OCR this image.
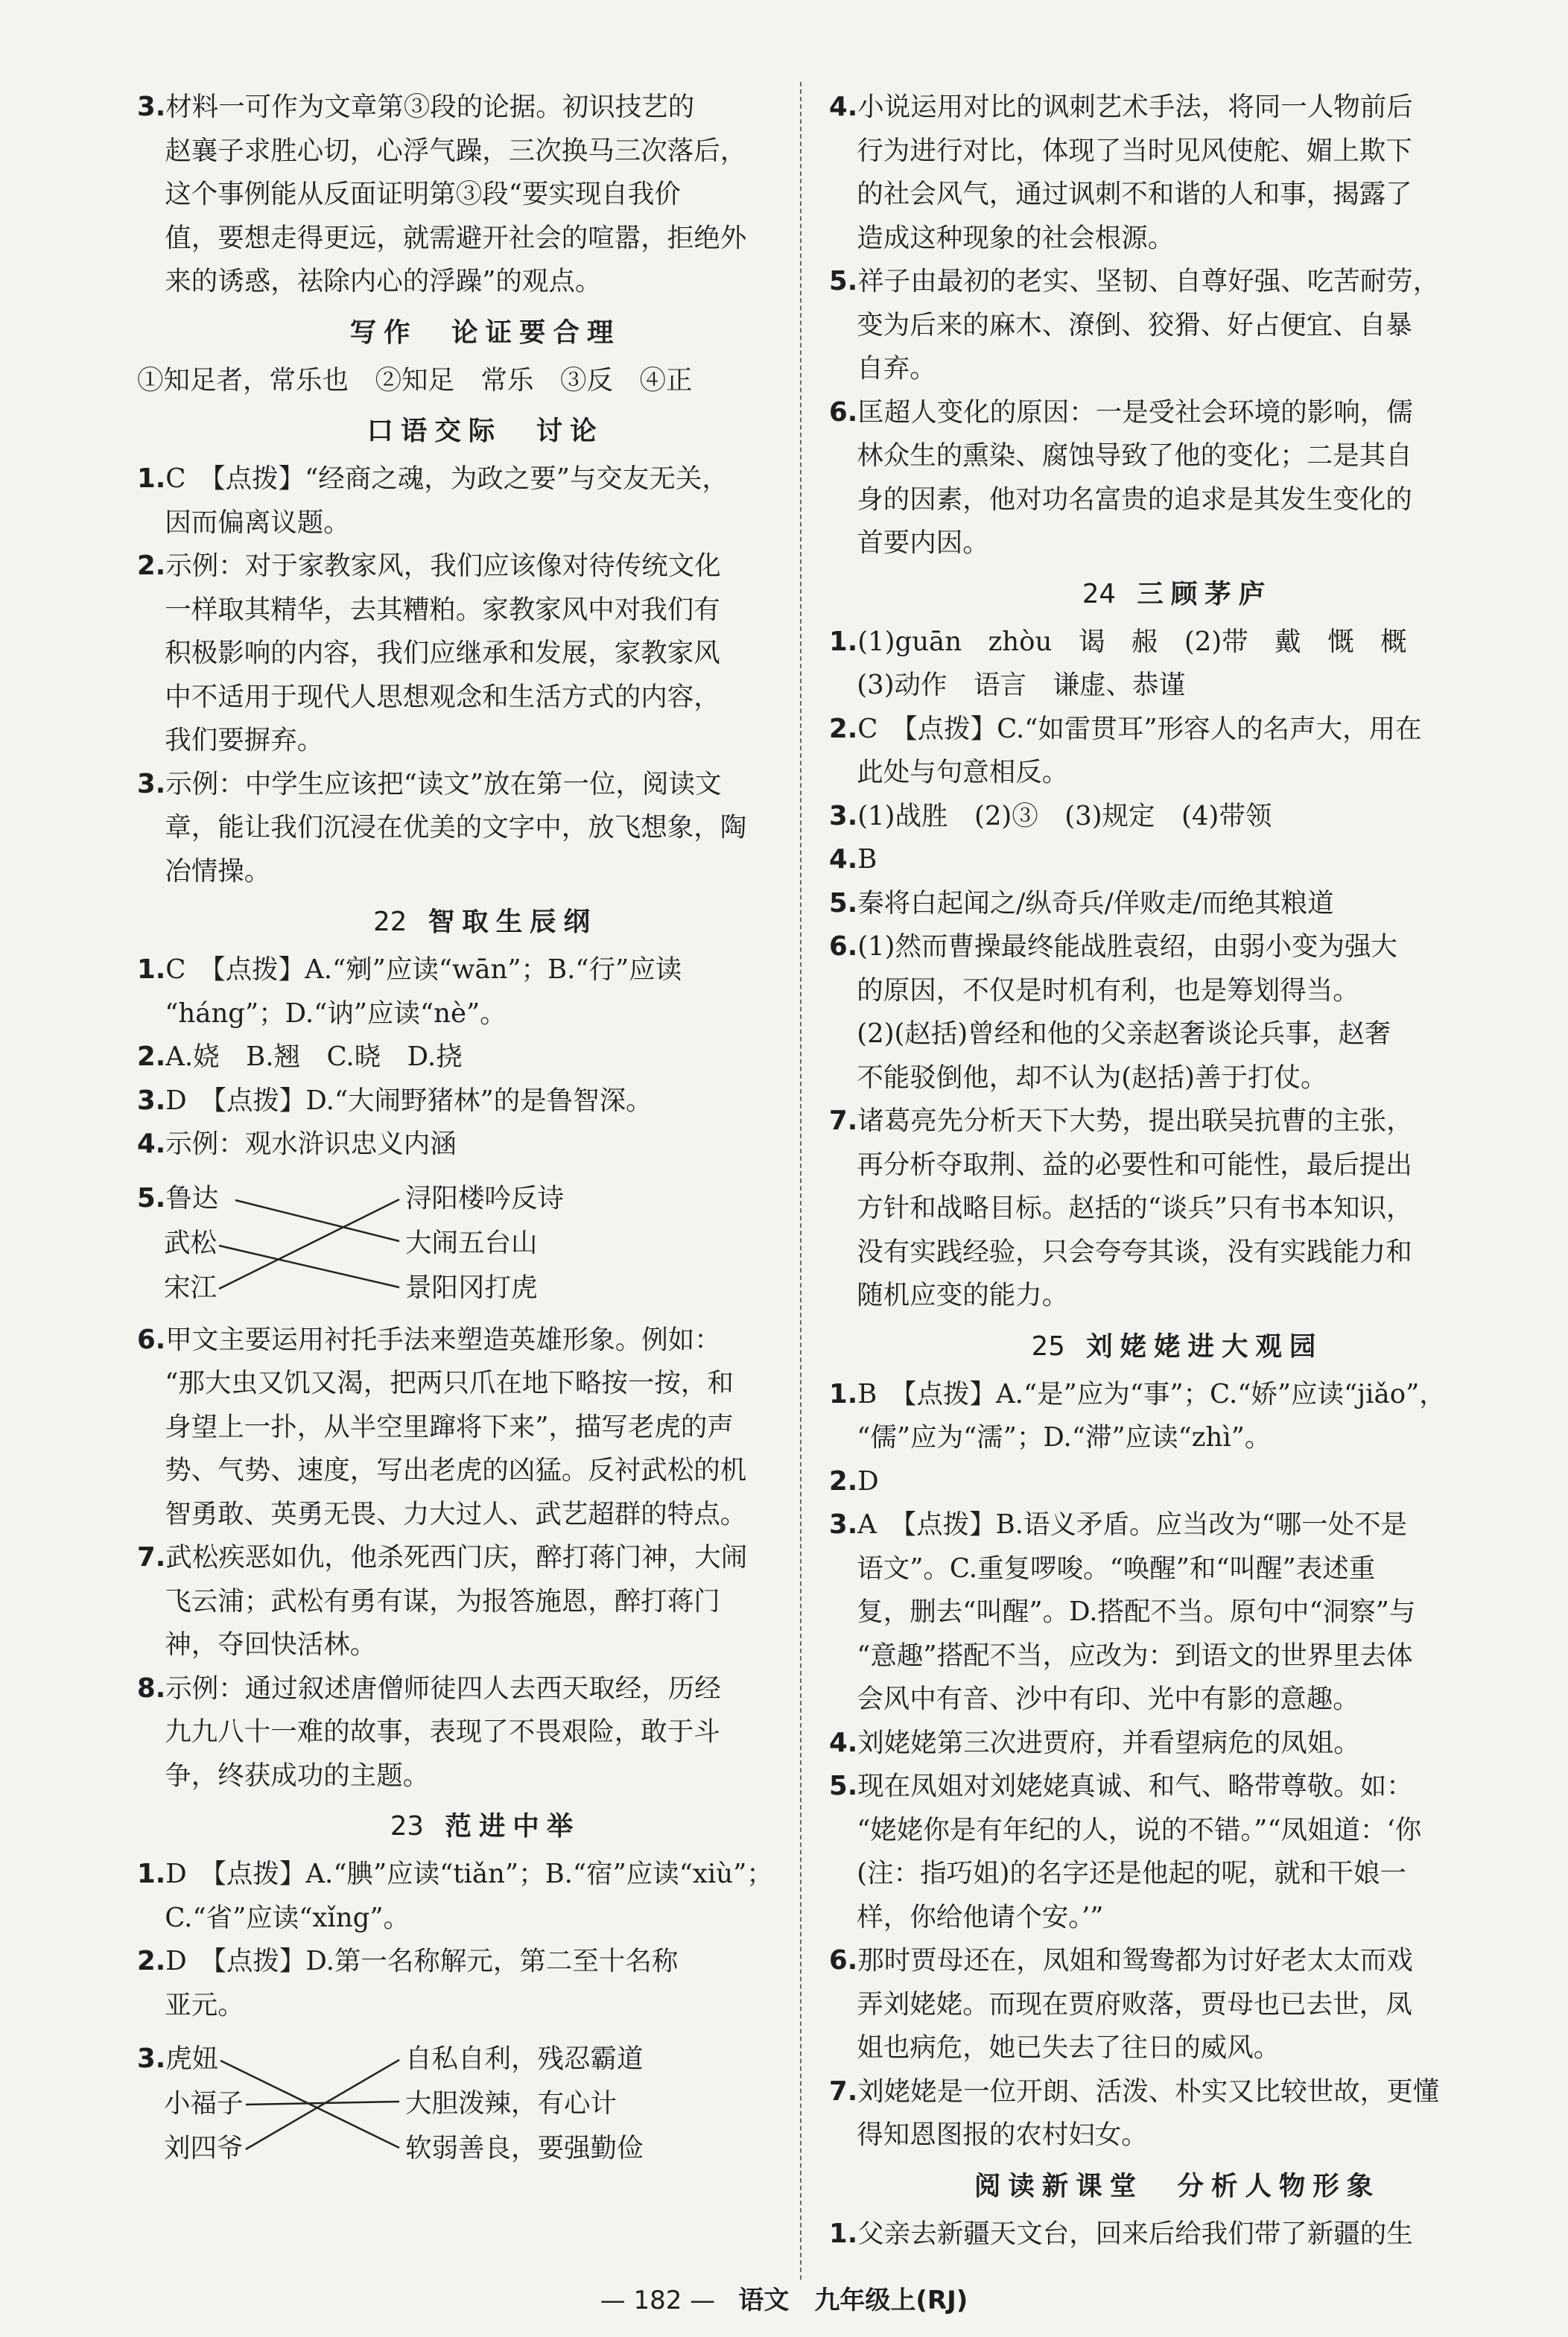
3.材料一可作为文章第③段的论据。初识技艺的

赵襄子求胜心切，心浮气躁，三次换马三次落后，

这个事例能从反面证明第③段“要实现自我价

值，要想走得更远，就需避开社会的喧嚣，拒绝外

来的诱惑，祛除内心的浮躁”的观点。

写作　论证要合理

①知足者，常乐也　②知足　常乐　③反　④正

口语交际　讨论

1.C　【点拨】“经商之魂，为政之要”与交友无关，

因而偏离议题。

2.示例：对于家教家风，我们应该像对待传统文化

一样取其精华，去其糟粕。家教家风中对我们有

积极影响的内容，我们应继承和发展，家教家风

中不适用于现代人思想观念和生活方式的内容，

我们要摒弃。

3.示例：中学生应该把“读文”放在第一位，阅读文

章，能让我们沉浸在优美的文字中，放飞想象，陶

冶情操。

22 智取生辰纲

1.C　【点拨】A.“剜”应读“wān”；B.“行”应读

“háng”；D.“讷”应读“nè”。

2.A.娆　B.翘　C.晓　D.挠

3.D　【点拨】D.“大闹野猪林”的是鲁智深。

4.示例：观水浒识忠义内涵

5.鲁达
武松
宋江
浔阳楼吟反诗
大闹五台山
景阳冈打虎

6.甲文主要运用衬托手法来塑造英雄形象。例如：

“那大虫又饥又渴，把两只爪在地下略按一按，和

身望上一扑，从半空里蹿将下来”，描写老虎的声

势、气势、速度，写出老虎的凶猛。反衬武松的机

智勇敢、英勇无畏、力大过人、武艺超群的特点。

7.武松疾恶如仇，他杀死西门庆，醉打蒋门神，大闹

飞云浦；武松有勇有谋，为报答施恩，醉打蒋门

神，夺回快活林。

8.示例：通过叙述唐僧师徒四人去西天取经，历经

九九八十一难的故事，表现了不畏艰险，敢于斗

争，终获成功的主题。

23 范进中举

1.D　【点拨】A.“腆”应读“tiǎn”；B.“宿”应读“xiù”；

C.“省”应读“xǐng”。

2.D　【点拨】D.第一名称解元，第二至十名称

亚元。

3.虎妞
小福子
刘四爷
自私自利，残忍霸道
大胆泼辣，有心计
软弱善良，要强勤俭

4.小说运用对比的讽刺艺术手法，将同一人物前后

行为进行对比，体现了当时见风使舵、媚上欺下

的社会风气，通过讽刺不和谐的人和事，揭露了

造成这种现象的社会根源。

5.祥子由最初的老实、坚韧、自尊好强、吃苦耐劳，

变为后来的麻木、潦倒、狡猾、好占便宜、自暴

自弃。

6.匡超人变化的原因：一是受社会环境的影响，儒

林众生的熏染、腐蚀导致了他的变化；二是其自

身的因素，他对功名富贵的追求是其发生变化的

首要内因。

24 三顾茅庐

1.(1)guān　zhòu　谒　赧　(2)带　戴　慨　概

(3)动作　语言　谦虚、恭谨

2.C　【点拨】C.“如雷贯耳”形容人的名声大，用在

此处与句意相反。

3.(1)战胜　(2)③　(3)规定　(4)带领

4.B

5.秦将白起闻之/纵奇兵/佯败走/而绝其粮道

6.(1)然而曹操最终能战胜袁绍，由弱小变为强大

的原因，不仅是时机有利，也是筹划得当。

(2)(赵括)曾经和他的父亲赵奢谈论兵事，赵奢

不能驳倒他，却不认为(赵括)善于打仗。

7.诸葛亮先分析天下大势，提出联吴抗曹的主张，

再分析夺取荆、益的必要性和可能性，最后提出

方针和战略目标。赵括的“谈兵”只有书本知识，

没有实践经验，只会夸夸其谈，没有实践能力和

随机应变的能力。

25 刘姥姥进大观园

1.B　【点拨】A.“是”应为“事”；C.“娇”应读“jiǎo”，

“儒”应为“濡”；D.“滞”应读“zhì”。

2.D

3.A　【点拨】B.语义矛盾。应当改为“哪一处不是

语文”。C.重复啰唆。“唤醒”和“叫醒”表述重

复，删去“叫醒”。D.搭配不当。原句中“洞察”与

“意趣”搭配不当，应改为：到语文的世界里去体

会风中有音、沙中有印、光中有影的意趣。

4.刘姥姥第三次进贾府，并看望病危的凤姐。

5.现在凤姐对刘姥姥真诚、和气、略带尊敬。如：

“姥姥你是有年纪的人，说的不错。”“凤姐道：‘你

(注：指巧姐)的名字还是他起的呢，就和干娘一

样，你给他请个安。’”

6.那时贾母还在，凤姐和鸳鸯都为讨好老太太而戏

弄刘姥姥。而现在贾府败落，贾母也已去世，凤

姐也病危，她已失去了往日的威风。

7.刘姥姥是一位开朗、活泼、朴实又比较世故，更懂

得知恩图报的农村妇女。

阅读新课堂　分析人物形象

1.父亲去新疆天文台，回来后给我们带了新疆的生

— 182 — 语文　九年级上(RJ)
